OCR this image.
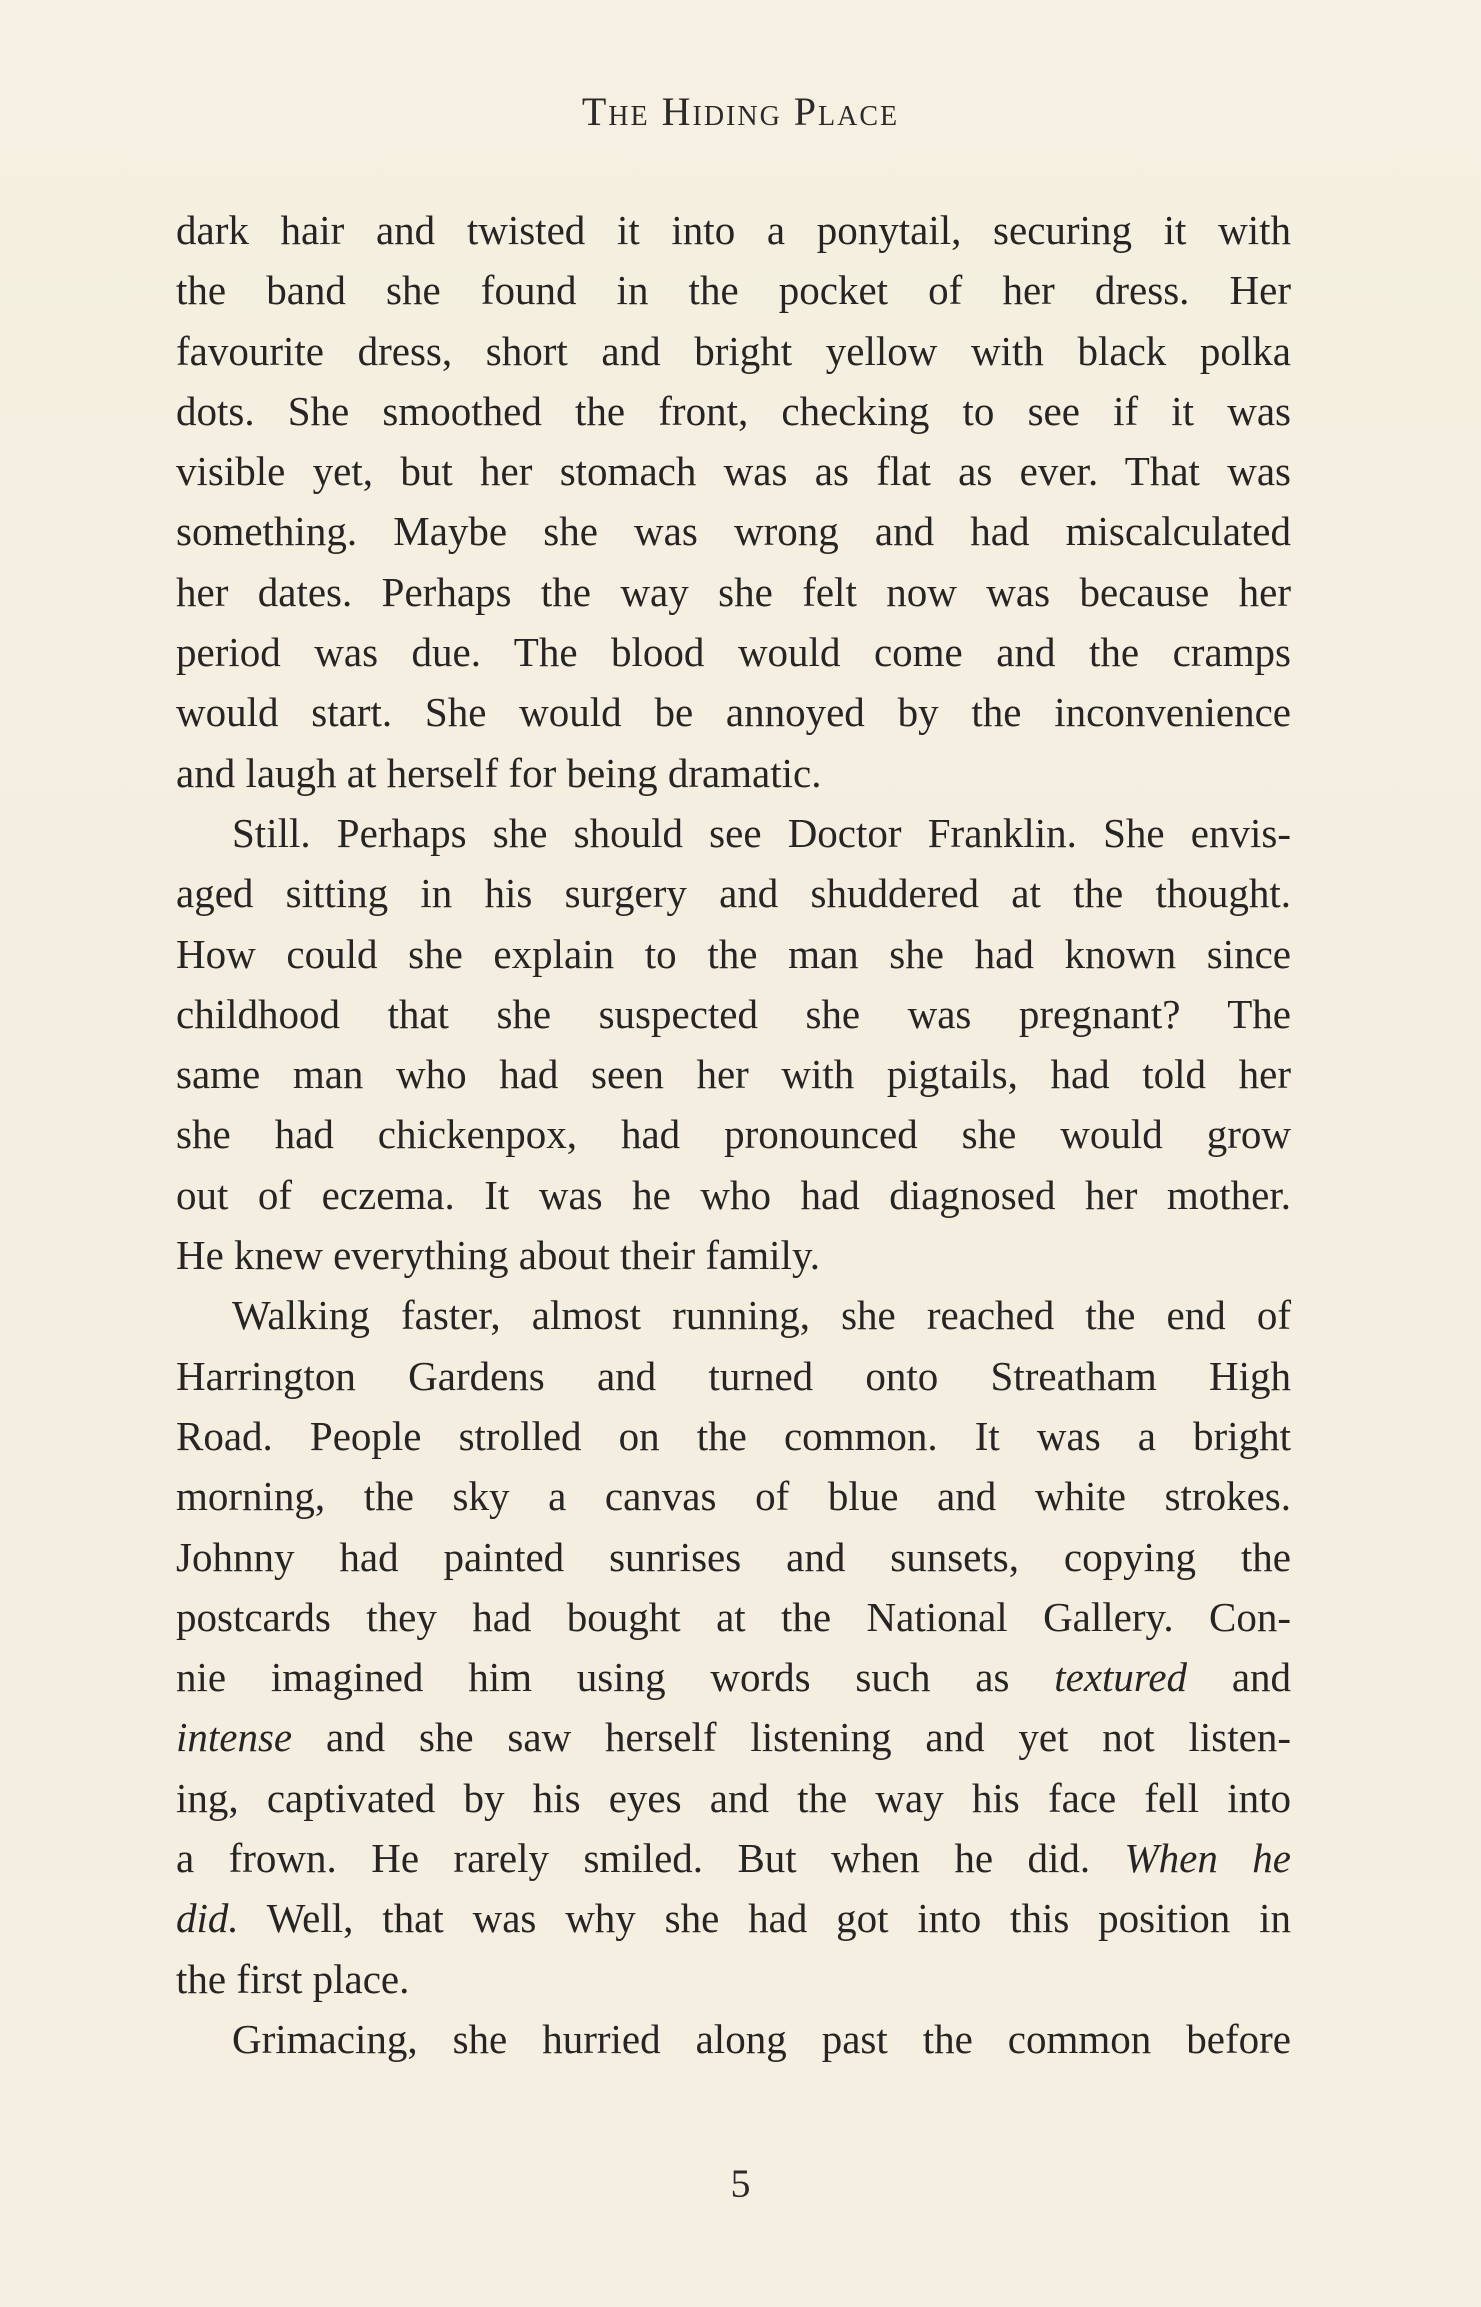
The Hiding Place
dark hair and twisted it into a ponytail, securing it with
the band she found in the pocket of her dress. Her
favourite dress, short and bright yellow with black polka
dots. She smoothed the front, checking to see if it was
visible yet, but her stomach was as flat as ever. That was
something. Maybe she was wrong and had miscalculated
her dates. Perhaps the way she felt now was because her
period was due. The blood would come and the cramps
would start. She would be annoyed by the inconvenience
and laugh at herself for being dramatic.
Still. Perhaps she should see Doctor Franklin. She envis-
aged sitting in his surgery and shuddered at the thought.
How could she explain to the man she had known since
childhood that she suspected she was pregnant? The
same man who had seen her with pigtails, had told her
she had chickenpox, had pronounced she would grow
out of eczema. It was he who had diagnosed her mother.
He knew everything about their family.
Walking faster, almost running, she reached the end of
Harrington Gardens and turned onto Streatham High
Road. People strolled on the common. It was a bright
morning, the sky a canvas of blue and white strokes.
Johnny had painted sunrises and sunsets, copying the
postcards they had bought at the National Gallery. Con-
nie imagined him using words such as textured and
intense and she saw herself listening and yet not listen-
ing, captivated by his eyes and the way his face fell into
a frown. He rarely smiled. But when he did. When he
did. Well, that was why she had got into this position in
the first place.
Grimacing, she hurried along past the common before
5
